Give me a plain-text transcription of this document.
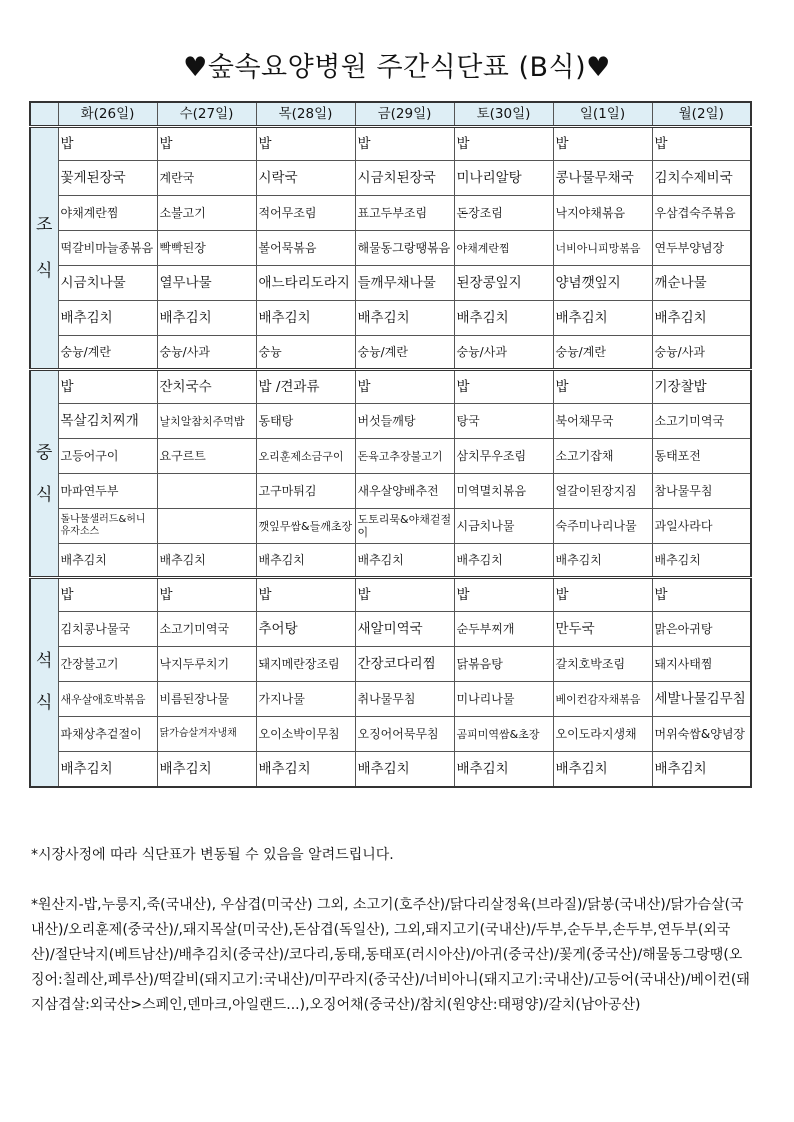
♥숲속요양병원 주간식단표 (B식)♥
	화(26일)	수(27일)	목(28일)	금(29일)	토(30일)	일(1일)	월(2일)

조
식	밥	밥	밥	밥	밥	밥	밥
	꽃게된장국	계란국	시락국	시금치된장국	미나리알탕	콩나물무채국	김치수제비국
	야채계란찜	소불고기	적어무조림	표고두부조림	돈장조림	낙지야채볶음	우삼겹숙주볶음
	떡갈비마늘종볶음	빡빡된장	볼어묵볶음	해물동그랑땡볶음	야채계란찜	너비아니피망볶음	연두부양념장
	시금치나물	열무나물	애느타리도라지	들깨무채나물	된장콩잎지	양념깻잎지	깨순나물
	배추김치	배추김치	배추김치	배추김치	배추김치	배추김치	배추김치
	숭늉/계란	숭늉/사과	숭늉	숭늉/계란	숭늉/사과	숭늉/계란	숭늉/사과

중
식	밥	잔치국수	밥 /견과류	밥	밥	밥	기장찰밥
	목살김치찌개	날치알참치주먹밥	동태탕	버섯들깨탕	탕국	북어채무국	소고기미역국
	고등어구이	요구르트	오리훈제소금구이	돈육고추장불고기	삼치무우조림	소고기잡채	동태포전
	마파연두부		고구마튀김	새우살양배추전	미역멸치볶음	얼갈이된장지짐	참나물무침
	돌나물샐러드&허니유자소스		깻잎무쌈&들깨초장	도토리묵&야채겉절이	시금치나물	숙주미나리나물	과일사라다
	배추김치	배추김치	배추김치	배추김치	배추김치	배추김치	배추김치

석
식	밥	밥	밥	밥	밥	밥	밥
	김치콩나물국	소고기미역국	추어탕	새알미역국	순두부찌개	만두국	맑은아귀탕
	간장불고기	낙지두루치기	돼지메란장조림	간장코다리찜	닭볶음탕	갈치호박조림	돼지사태찜
	새우살애호박볶음	비름된장나물	가지나물	취나물무침	미나리나물	베이컨감자채볶음	세발나물김무침
	파채상추겉절이	닭가슴살겨자냉채	오이소박이무침	오징어어묵무침	곰피미역쌈&초장	오이도라지생채	머위숙쌈&양념장
	배추김치	배추김치	배추김치	배추김치	배추김치	배추김치	배추김치
*시장사정에 따라 식단표가 변동될 수 있음을 알려드립니다.
*원산지-밥,누룽지,죽(국내산), 우삼겹(미국산) 그외, 소고기(호주산)/닭다리살정육(브라질)/닭봉(국내산)/닭가슴살(국내산)/오리훈제(중국산)/,돼지목살(미국산),돈삼겹(독일산), 그외,돼지고기(국내산)/두부,순두부,손두부,연두부(외국산)/절단낙지(베트남산)/배추김치(중국산)/코다리,동태,동태포(러시아산)/아귀(중국산)/꽃게(중국산)/해물동그랑땡(오징어:칠레산,페루산)/떡갈비(돼지고기:국내산)/미꾸라지(중국산)/너비아니(돼지고기:국내산)/고등어(국내산)/베이컨(돼지삼겹살:외국산>스페인,덴마크,아일랜드...),오징어채(중국산)/참치(원양산:태평양)/갈치(남아공산)
